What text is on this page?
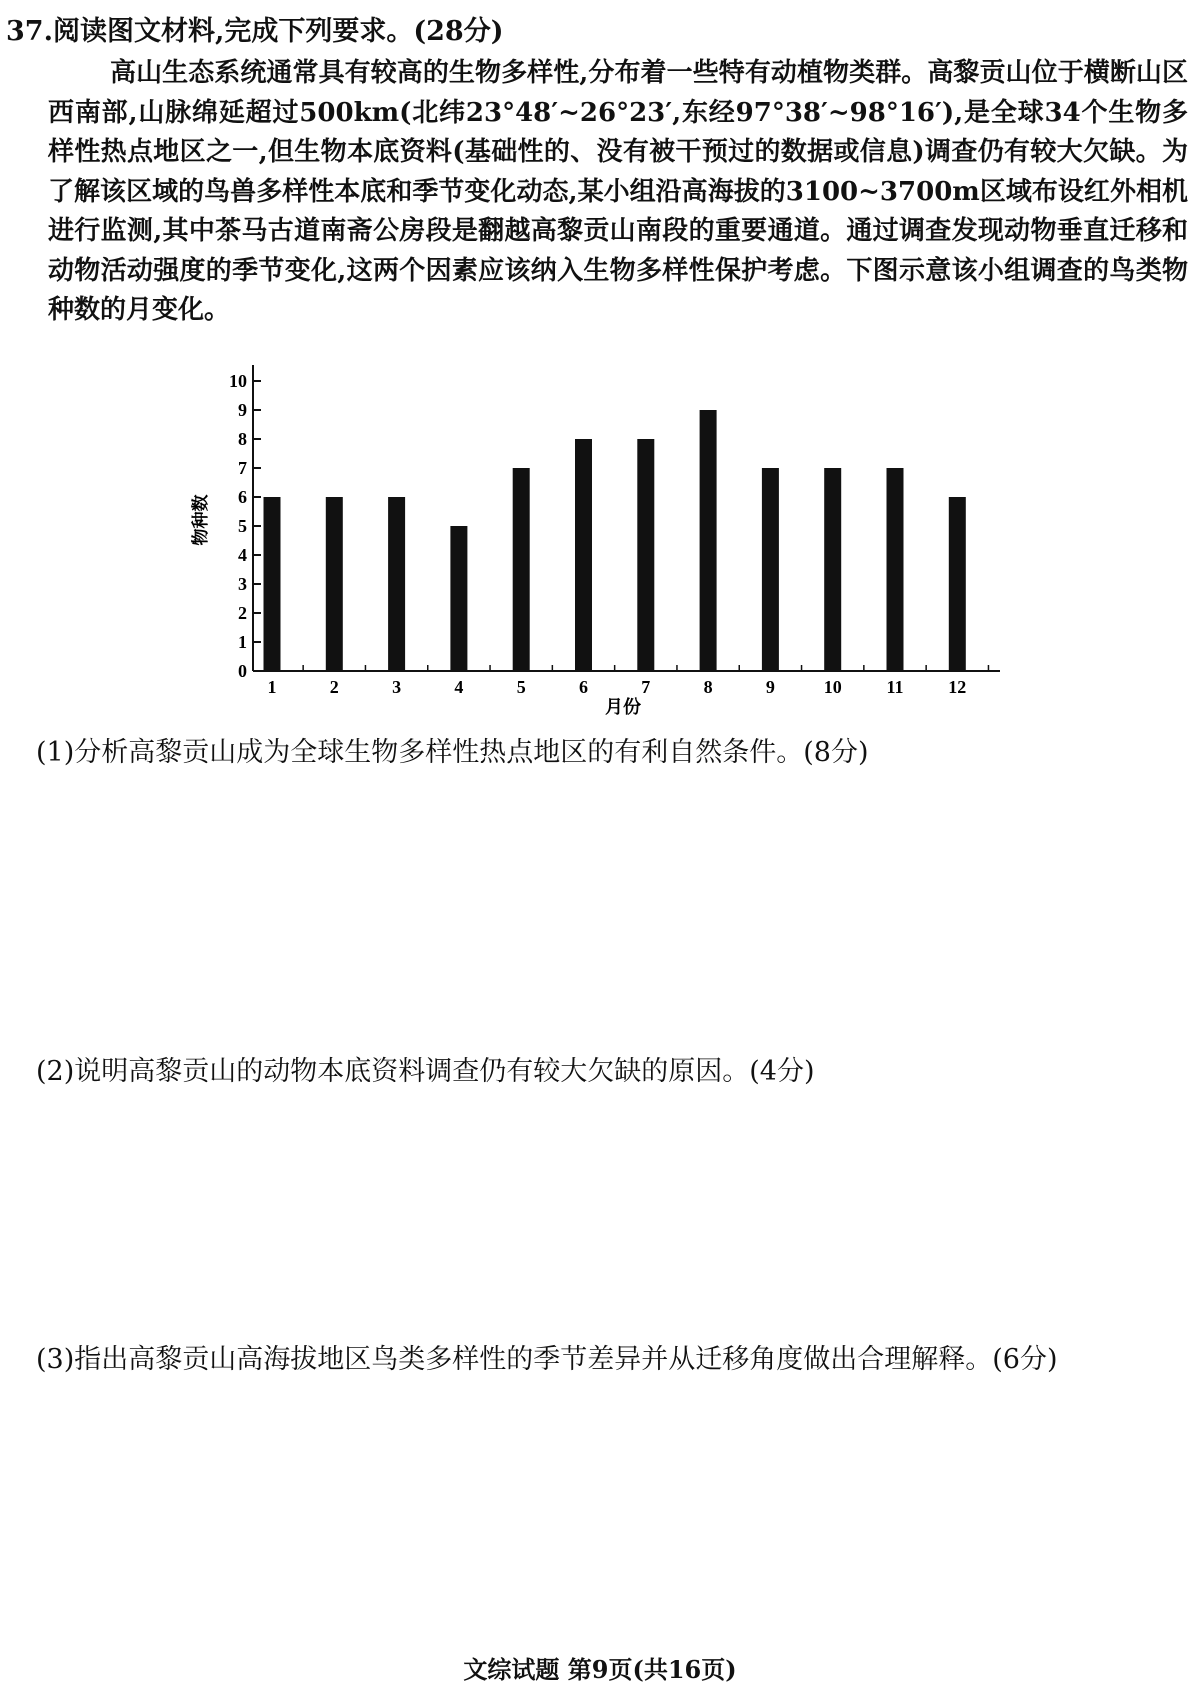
37.阅读图文材料,完成下列要求。(28分)

高山生态系统通常具有较高的生物多样性,分布着一些特有动植物类群。高黎贡山位于横断山区西南部,山脉绵延超过500km(北纬23°48′~26°23′,东经97°38′~98°16′),是全球34个生物多样性热点地区之一,但生物本底资料(基础性的、没有被干预过的数据或信息)调查仍有较大欠缺。为了解该区域的鸟兽多样性本底和季节变化动态,某小组沿高海拔的3100~3700m区域布设红外相机进行监测,其中茶马古道南斋公房段是翻越高黎贡山南段的重要通道。通过调查发现动物垂直迁移和动物活动强度的季节变化,这两个因素应该纳入生物多样性保护考虑。下图示意该小组调查的鸟类物种数的月变化。

0
1
2
3
4
5
6
7
8
9
10
1	2	3	4	5	6	7	8	9	10 11 12
物种数
月份

(1)分析高黎贡山成为全球生物多样性热点地区的有利自然条件。(8分)

(2)说明高黎贡山的动物本底资料调查仍有较大欠缺的原因。(4分)

(3)指出高黎贡山高海拔地区鸟类多样性的季节差异并从迁移角度做出合理解释。(6分)

文综试题 第9页(共16页)
